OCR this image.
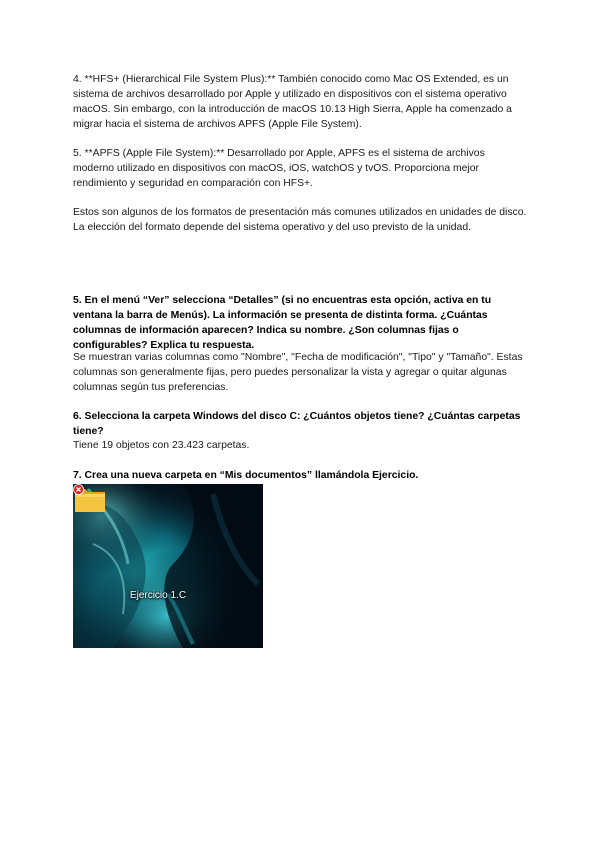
4. **HFS+ (Hierarchical File System Plus):** También conocido como Mac OS Extended, es un sistema de archivos desarrollado por Apple y utilizado en dispositivos con el sistema operativo macOS. Sin embargo, con la introducción de macOS 10.13 High Sierra, Apple ha comenzado a migrar hacia el sistema de archivos APFS (Apple File System).

5. **APFS (Apple File System):** Desarrollado por Apple, APFS es el sistema de archivos moderno utilizado en dispositivos con macOS, iOS, watchOS y tvOS. Proporciona mejor rendimiento y seguridad en comparación con HFS+.

Estos son algunos de los formatos de presentación más comunes utilizados en unidades de disco. La elección del formato depende del sistema operativo y del uso previsto de la unidad.

5. En el menú “Ver” selecciona “Detalles” (si no encuentras esta opción, activa en tu ventana la barra de Menús). La información se presenta de distinta forma. ¿Cuántas columnas de información aparecen? Indica su nombre. ¿Son columnas fijas o configurables? Explica tu respuesta.

Se muestran varias columnas como "Nombre", "Fecha de modificación", "Tipo" y "Tamaño". Estas columnas son generalmente fijas, pero puedes personalizar la vista y agregar o quitar algunas columnas según tus preferencias.

6. Selecciona la carpeta Windows del disco C: ¿Cuántos objetos tiene? ¿Cuántas carpetas tiene?

Tiene 19 objetos con 23.423 carpetas.

7. Crea una nueva carpeta en “Mis documentos” llamándola Ejercicio.

Ejercicio 1.C
